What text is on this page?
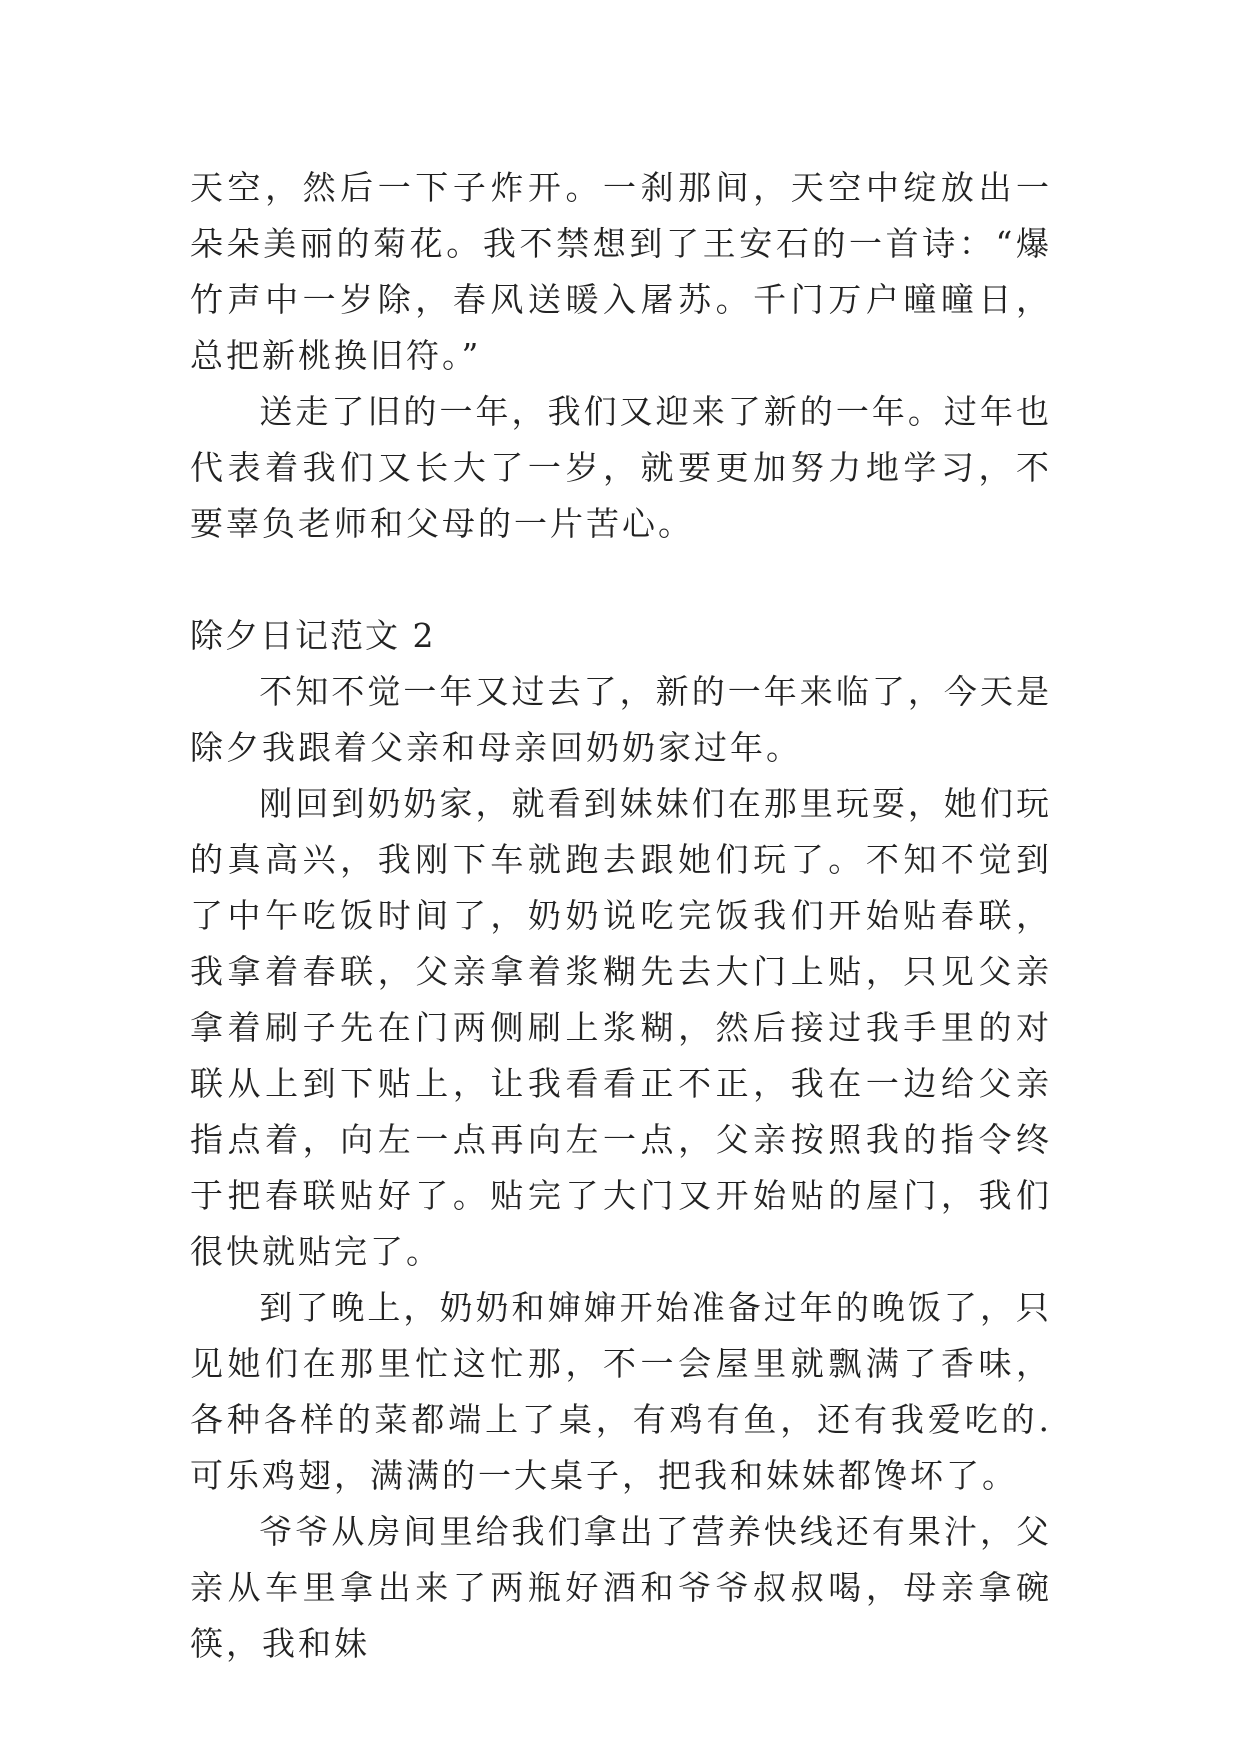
天空，然后一下子炸开。一刹那间，天空中绽放出一朵朵美丽的菊花。我不禁想到了王安石的一首诗：“爆竹声中一岁除，春风送暖入屠苏。千门万户曈曈日，总把新桃换旧符。”

送走了旧的一年，我们又迎来了新的一年。过年也代表着我们又长大了一岁，就要更加努力地学习，不要辜负老师和父母的一片苦心。

除夕日记范文 2

不知不觉一年又过去了，新的一年来临了，今天是除夕我跟着父亲和母亲回奶奶家过年。

刚回到奶奶家，就看到妹妹们在那里玩耍，她们玩的真高兴，我刚下车就跑去跟她们玩了。不知不觉到了中午吃饭时间了，奶奶说吃完饭我们开始贴春联，我拿着春联，父亲拿着浆糊先去大门上贴，只见父亲拿着刷子先在门两侧刷上浆糊，然后接过我手里的对联从上到下贴上，让我看看正不正，我在一边给父亲指点着，向左一点再向左一点，父亲按照我的指令终于把春联贴好了。贴完了大门又开始贴的屋门，我们很快就贴完了。

到了晚上，奶奶和婶婶开始准备过年的晚饭了，只见她们在那里忙这忙那，不一会屋里就飘满了香味，各种各样的菜都端上了桌，有鸡有鱼，还有我爱吃的.可乐鸡翅，满满的一大桌子，把我和妹妹都馋坏了。

爷爷从房间里给我们拿出了营养快线还有果汁，父亲从车里拿出来了两瓶好酒和爷爷叔叔喝，母亲拿碗筷，我和妹
